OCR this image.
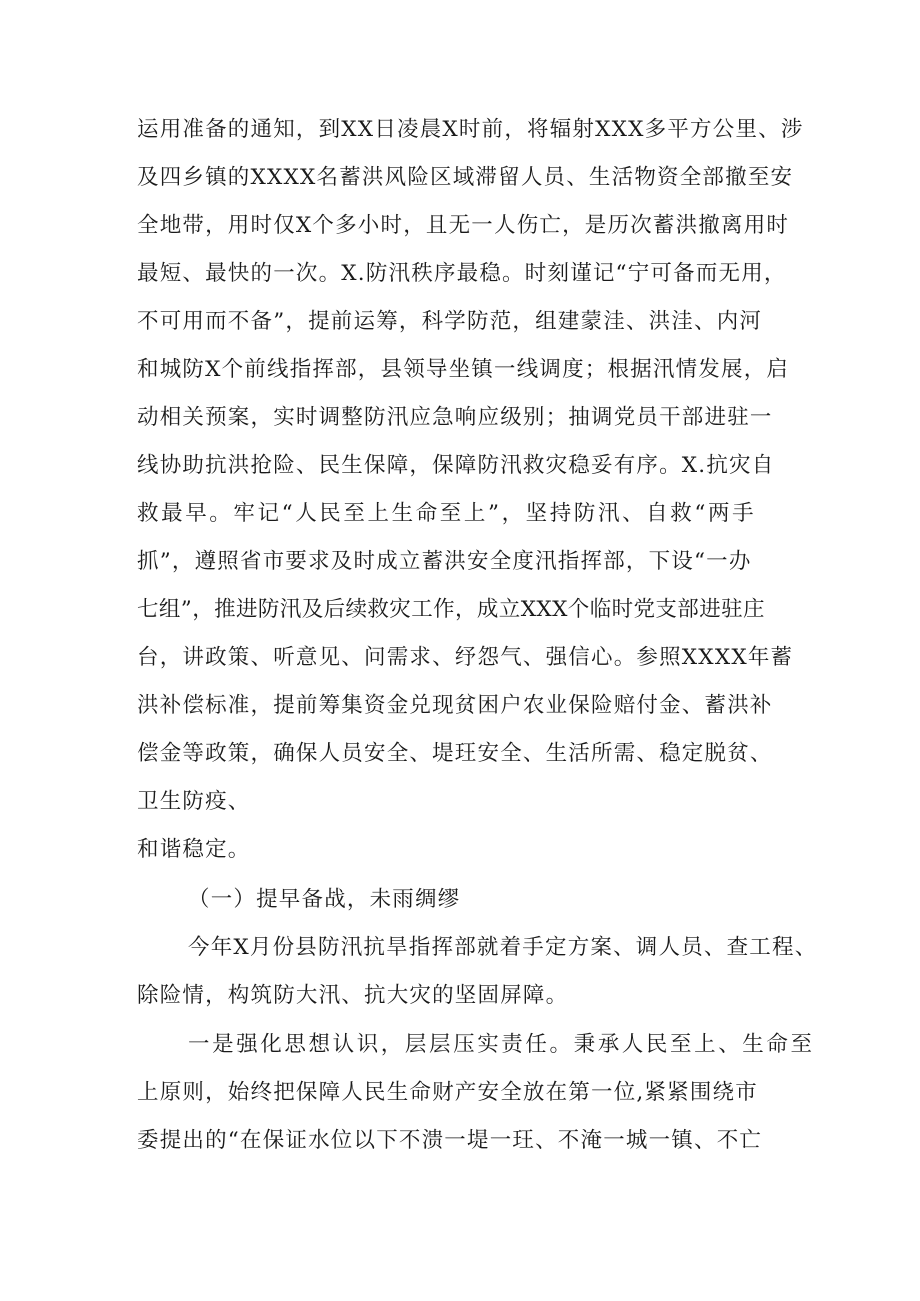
运用准备的通知，到XX日凌晨X时前，将辐射XXX多平方公里、涉

及四乡镇的XXXX名蓄洪风险区域滞留人员、生活物资全部撤至安

全地带，用时仅X个多小时，且无一人伤亡，是历次蓄洪撤离用时

最短、最快的一次。X.防汛秩序最稳。时刻谨记“宁可备而无用，

不可用而不备”，提前运筹，科学防范，组建蒙洼、洪洼、内河

和城防X个前线指挥部，县领导坐镇一线调度；根据汛情发展，启

动相关预案，实时调整防汛应急响应级别；抽调党员干部进驻一

线协助抗洪抢险、民生保障，保障防汛救灾稳妥有序。X.抗灾自

救最早。牢记“人民至上生命至上”，坚持防汛、自救“两手

抓”，遵照省市要求及时成立蓄洪安全度汛指挥部，下设“一办

七组”，推进防汛及后续救灾工作，成立XXX个临时党支部进驻庄

台，讲政策、听意见、问需求、纾怨气、强信心。参照XXXX年蓄

洪补偿标准，提前筹集资金兑现贫困户农业保险赔付金、蓄洪补

偿金等政策，确保人员安全、堤玨安全、生活所需、稳定脱贫、

卫生防疫、

和谐稳定。

（一）提早备战，未雨绸缪

今年X月份县防汛抗旱指挥部就着手定方案、调人员、查工程、

除险情，构筑防大汛、抗大灾的坚固屏障。

一是强化思想认识，层层压实责任。秉承人民至上、生命至

上原则，始终把保障人民生命财产安全放在第一位,紧紧围绕市

委提出的“在保证水位以下不溃一堤一玨、不淹一城一镇、不亡
